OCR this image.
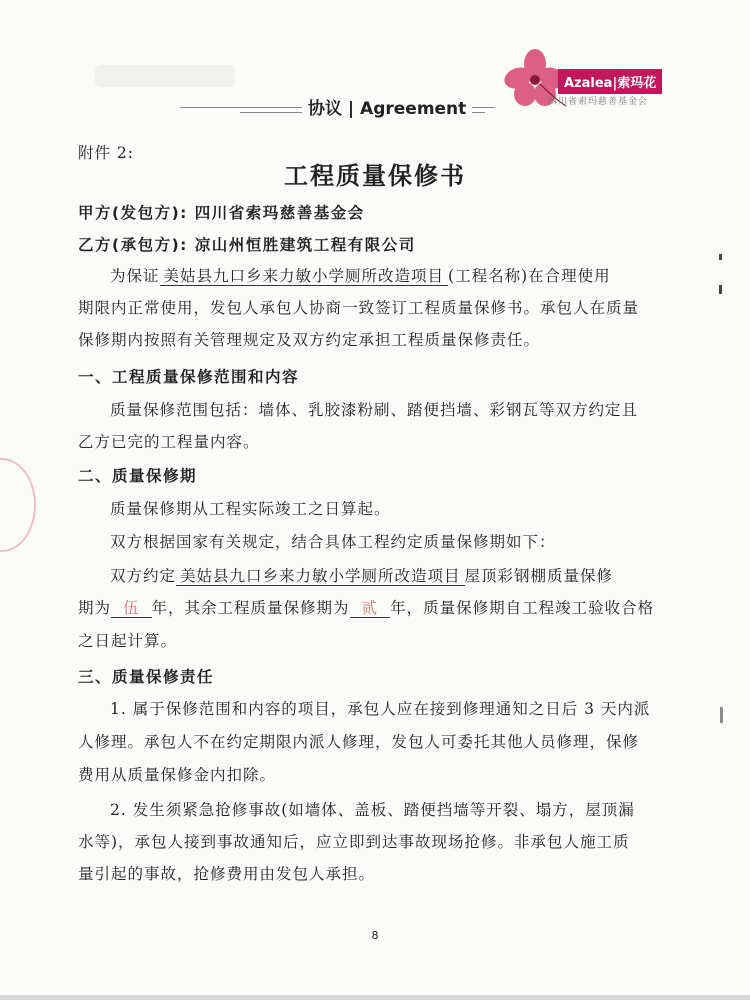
协议 | Agreement
Azalea|索玛花
四川省索玛慈善基金会
附件 2:
工程质量保修书
甲方(发包方): 四川省索玛慈善基金会
乙方(承包方): 凉山州恒胜建筑工程有限公司
为保证 美姑县九口乡来力敏小学厕所改造项目 (工程名称)在合理使用
期限内正常使用，发包人承包人协商一致签订工程质量保修书。承包人在质量
保修期内按照有关管理规定及双方约定承担工程质量保修责任。
一、工程质量保修范围和内容
质量保修范围包括：墙体、乳胶漆粉刷、踏便挡墙、彩钢瓦等双方约定且
乙方已完的工程量内容。
二、质量保修期
质量保修期从工程实际竣工之日算起。
双方根据国家有关规定，结合具体工程约定质量保修期如下：
双方约定 美姑县九口乡来力敏小学厕所改造项目 屋顶彩钢棚质量保修
期为 伍 年，其余工程质量保修期为 贰 年，质量保修期自工程竣工验收合格
之日起计算。
三、质量保修责任
1. 属于保修范围和内容的项目，承包人应在接到修理通知之日后 3 天内派
人修理。承包人不在约定期限内派人修理，发包人可委托其他人员修理，保修
费用从质量保修金内扣除。
2. 发生须紧急抢修事故(如墙体、盖板、踏便挡墙等开裂、塌方，屋顶漏
水等)，承包人接到事故通知后，应立即到达事故现场抢修。非承包人施工质
量引起的事故，抢修费用由发包人承担。
8
